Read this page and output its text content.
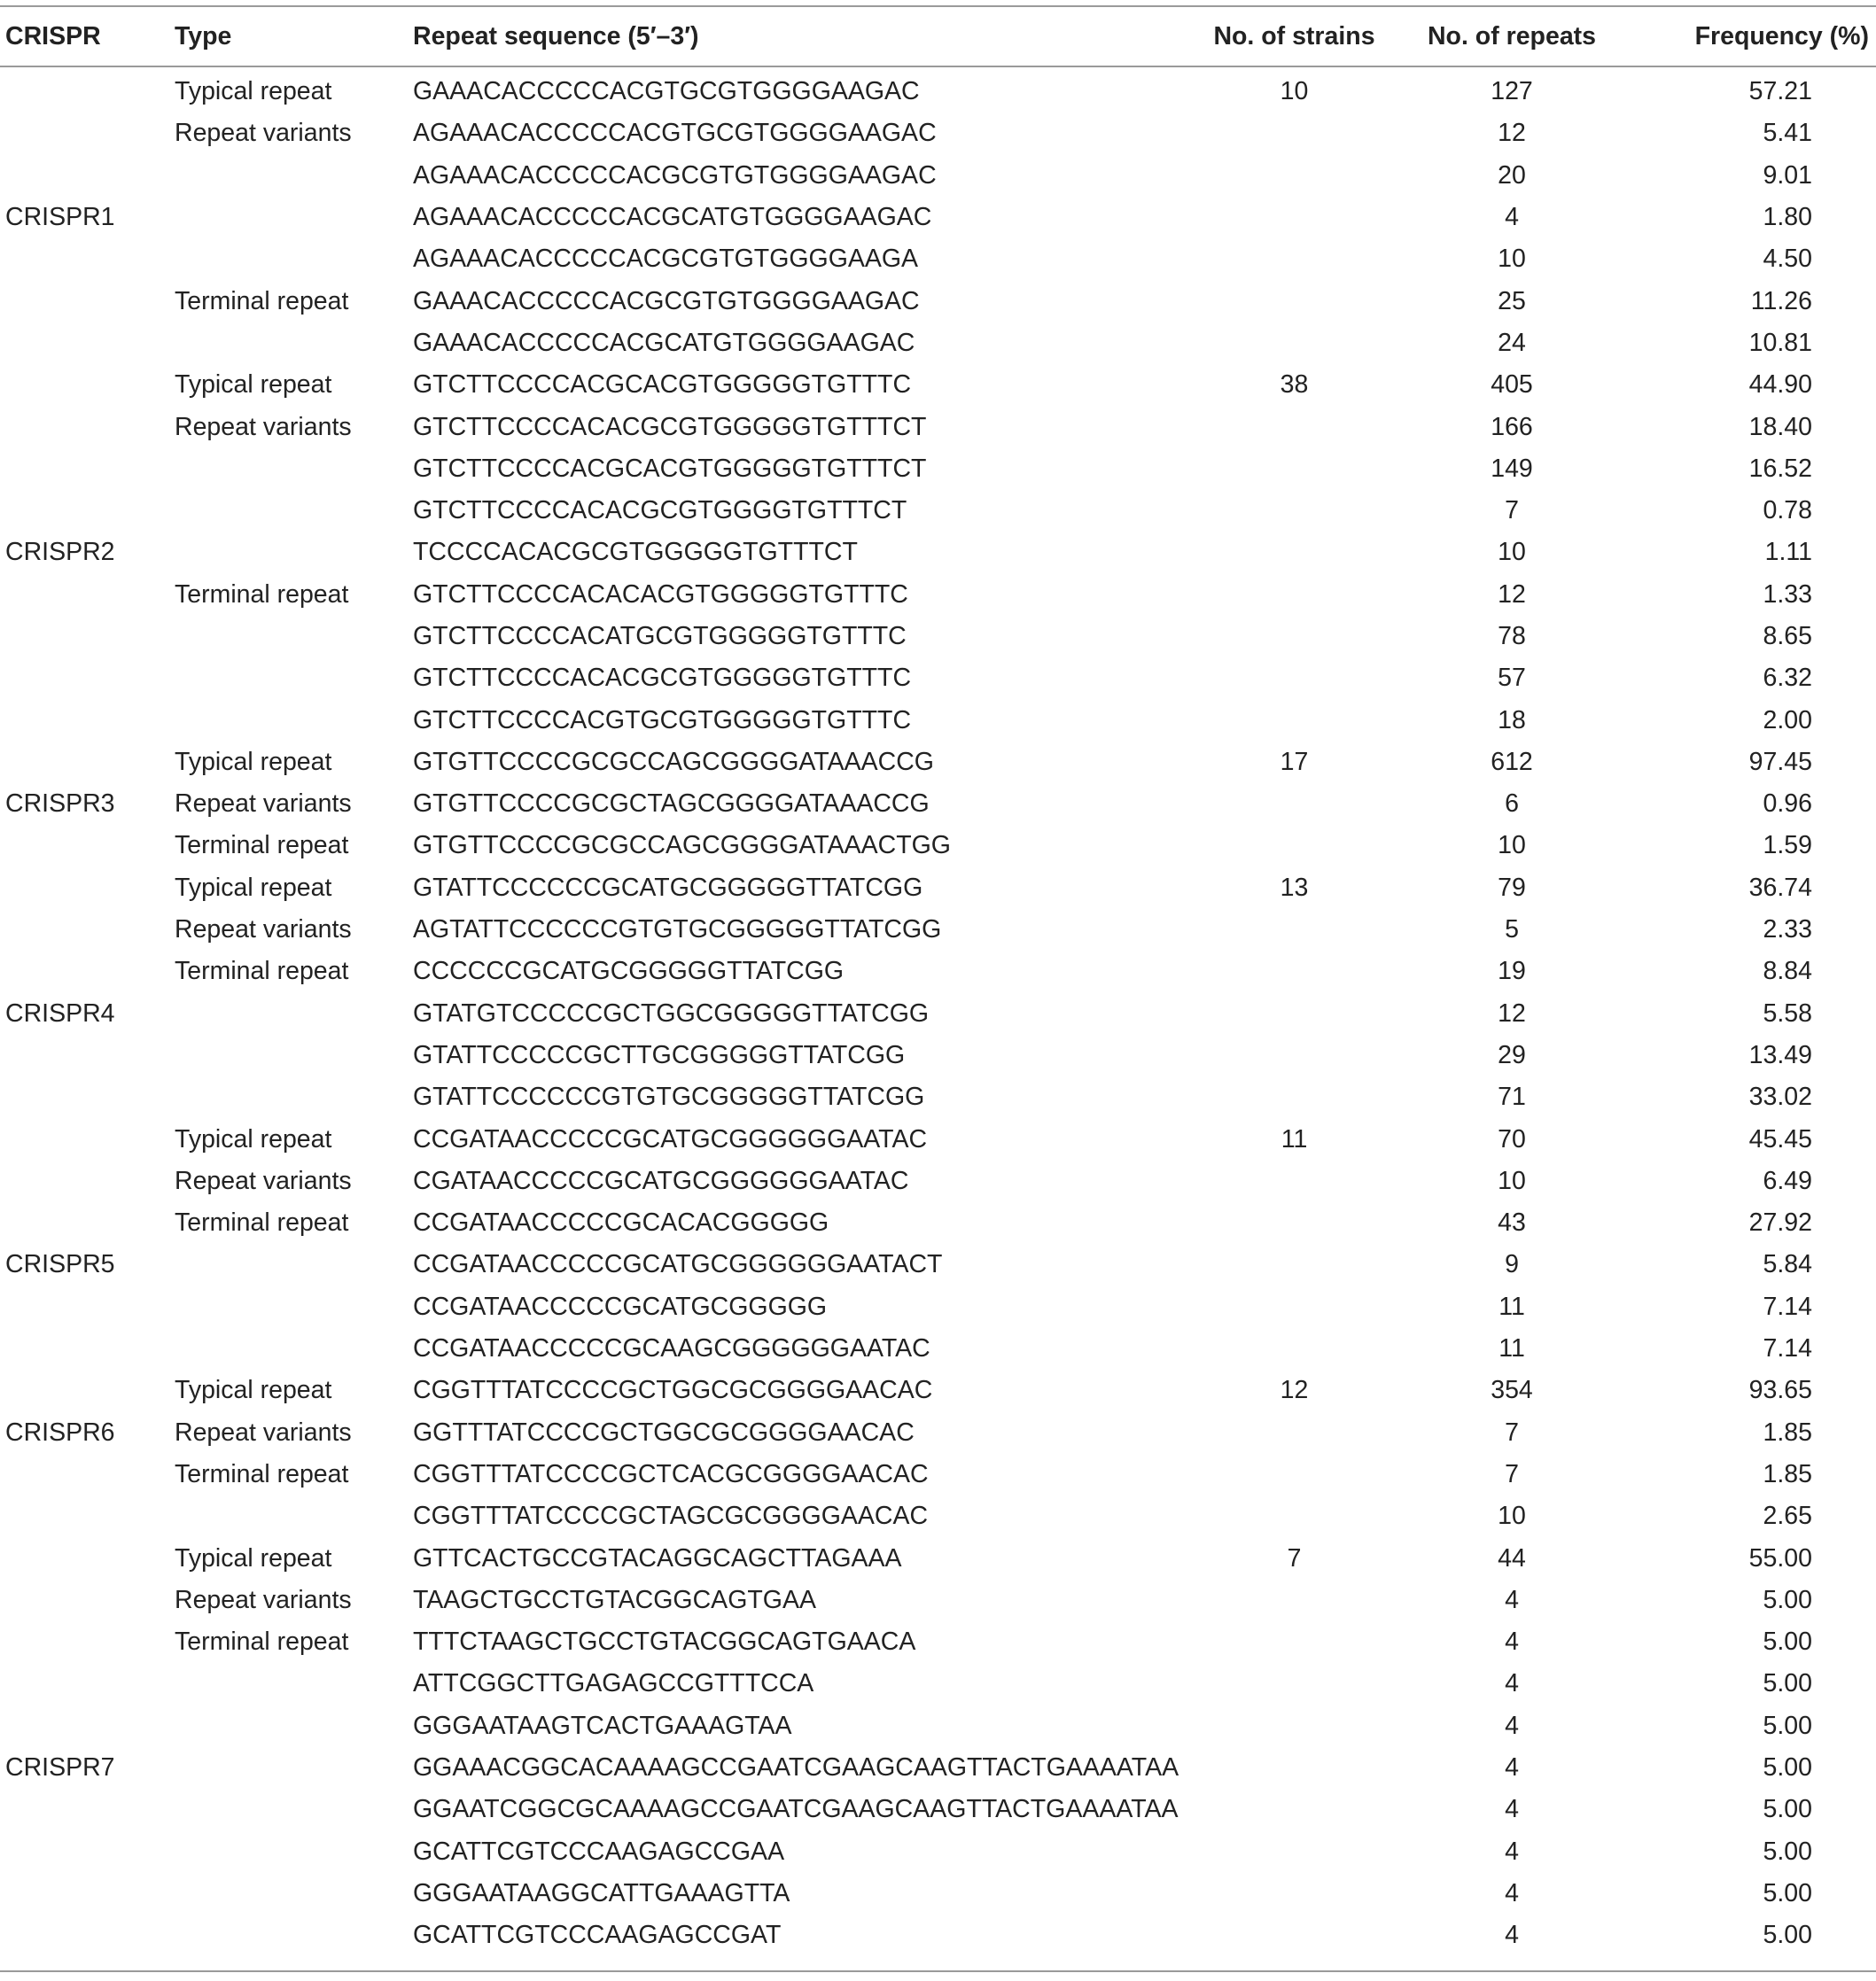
CRISPR	Type	Repeat sequence (5′–3′)	No. of strains	No. of repeats	Frequency (%)

	Typical repeat	GAAACACCCCCACGTGCGTGGGGAAGAC	10	127	57.21
	Repeat variants	AGAAACACCCCCACGTGCGTGGGGAAGAC		12	5.41
		AGAAACACCCCCACGCGTGTGGGGAAGAC		20	9.01
CRISPR1		AGAAACACCCCCACGCATGTGGGGAAGAC		4	1.80
		AGAAACACCCCCACGCGTGTGGGGAAGA		10	4.50
	Terminal repeat	GAAACACCCCCACGCGTGTGGGGAAGAC		25	11.26
		GAAACACCCCCACGCATGTGGGGAAGAC		24	10.81
	Typical repeat	GTCTTCCCCACGCACGTGGGGGTGTTTC	38	405	44.90
	Repeat variants	GTCTTCCCCACACGCGTGGGGGTGTTTCT		166	18.40
		GTCTTCCCCACGCACGTGGGGGTGTTTCT		149	16.52
		GTCTTCCCCACACGCGTGGGGTGTTTCT		7	0.78
CRISPR2		TCCCCACACGCGTGGGGGTGTTTCT		10	1.11
	Terminal repeat	GTCTTCCCCACACACGTGGGGGTGTTTC		12	1.33
		GTCTTCCCCACATGCGTGGGGGTGTTTC		78	8.65
		GTCTTCCCCACACGCGTGGGGGTGTTTC		57	6.32
		GTCTTCCCCACGTGCGTGGGGGTGTTTC		18	2.00
	Typical repeat	GTGTTCCCCGCGCCAGCGGGGATAAACCG	17	612	97.45
CRISPR3	Repeat variants	GTGTTCCCCGCGCTAGCGGGGATAAACCG		6	0.96
	Terminal repeat	GTGTTCCCCGCGCCAGCGGGGATAAACTGG		10	1.59
	Typical repeat	GTATTCCCCCCGCATGCGGGGGTTATCGG	13	79	36.74
	Repeat variants	AGTATTCCCCCCGTGTGCGGGGGTTATCGG		5	2.33
	Terminal repeat	CCCCCCGCATGCGGGGGTTATCGG		19	8.84
CRISPR4		GTATGTCCCCCGCTGGCGGGGGTTATCGG		12	5.58
		GTATTCCCCCGCTTGCGGGGGTTATCGG		29	13.49
		GTATTCCCCCCGTGTGCGGGGGTTATCGG		71	33.02
	Typical repeat	CCGATAACCCCCGCATGCGGGGGGAATAC	11	70	45.45
	Repeat variants	CGATAACCCCCGCATGCGGGGGGAATAC		10	6.49
	Terminal repeat	CCGATAACCCCCGCACACGGGGG		43	27.92
CRISPR5		CCGATAACCCCCGCATGCGGGGGGAATACT		9	5.84
		CCGATAACCCCCGCATGCGGGGG		11	7.14
		CCGATAACCCCCGCAAGCGGGGGGAATAC		11	7.14
	Typical repeat	CGGTTTATCCCCGCTGGCGCGGGGAACAC	12	354	93.65
CRISPR6	Repeat variants	GGTTTATCCCCGCTGGCGCGGGGAACAC		7	1.85
	Terminal repeat	CGGTTTATCCCCGCTCACGCGGGGAACAC		7	1.85
		CGGTTTATCCCCGCTAGCGCGGGGAACAC		10	2.65
	Typical repeat	GTTCACTGCCGTACAGGCAGCTTAGAAA	7	44	55.00
	Repeat variants	TAAGCTGCCTGTACGGCAGTGAA		4	5.00
	Terminal repeat	TTTCTAAGCTGCCTGTACGGCAGTGAACA		4	5.00
		ATTCGGCTTGAGAGCCGTTTCCA		4	5.00
		GGGAATAAGTCACTGAAAGTAA		4	5.00
CRISPR7		GGAAACGGCACAAAAGCCGAATCGAAGCAAGTTACTGAAAATAA		4	5.00
		GGAATCGGCGCAAAAGCCGAATCGAAGCAAGTTACTGAAAATAA		4	5.00
		GCATTCGTCCCAAGAGCCGAA		4	5.00
		GGGAATAAGGCATTGAAAGTTA		4	5.00
		GCATTCGTCCCAAGAGCCGAT		4	5.00
